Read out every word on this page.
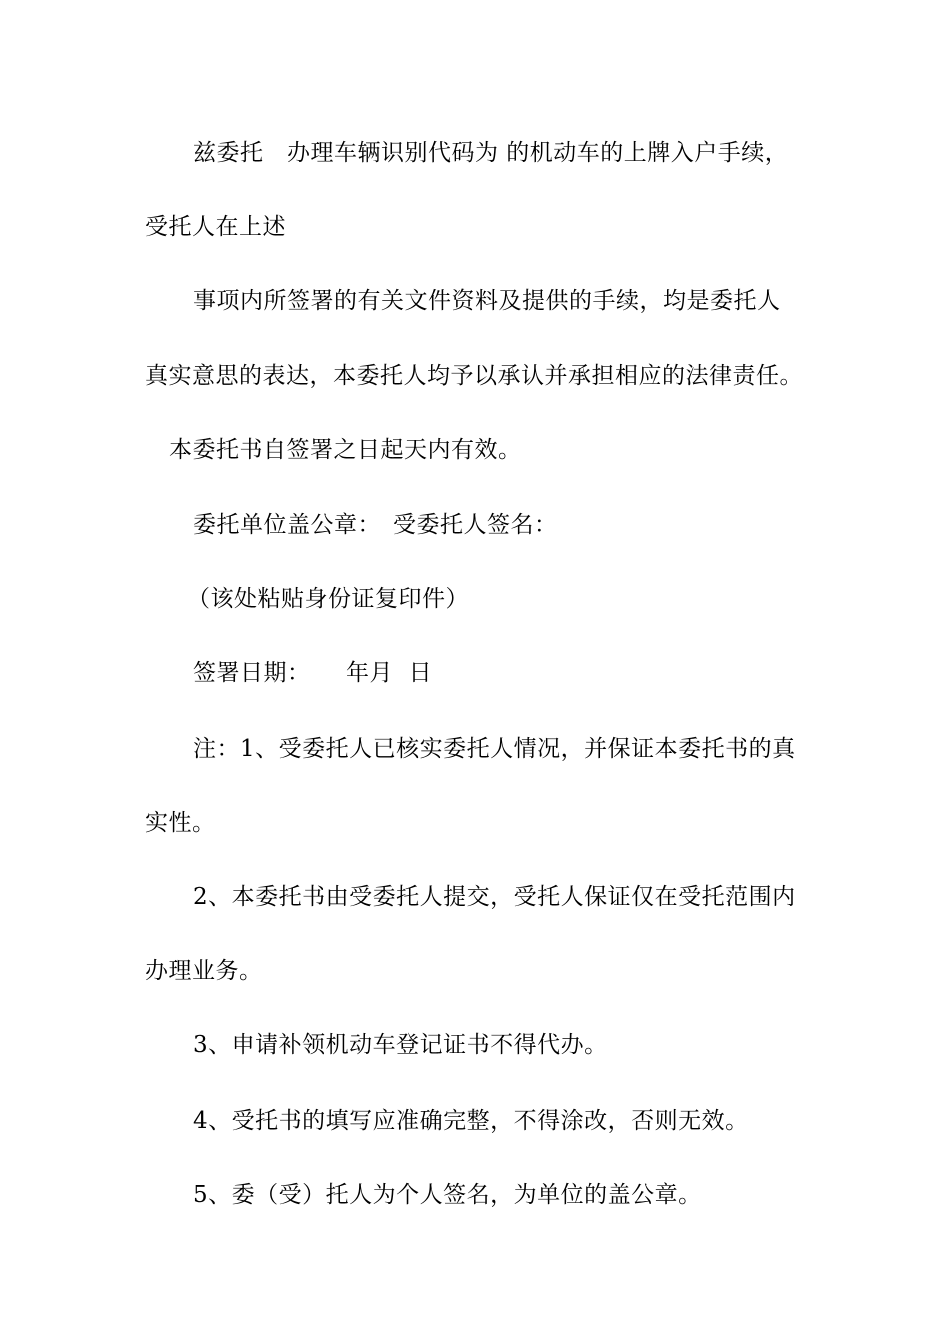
兹委托　办理车辆识别代码为 的机动车的上牌入户手续，
受托人在上述
事项内所签署的有关文件资料及提供的手续，均是委托人
真实意思的表达，本委托人均予以承认并承担相应的法律责任。
本委托书自签署之日起天内有效。
委托单位盖公章：　受委托人签名：
（该处粘贴身份证复印件）
签署日期：　　年月  日
注：1、受委托人已核实委托人情况，并保证本委托书的真
实性。
2、本委托书由受委托人提交，受托人保证仅在受托范围内
办理业务。
3、申请补领机动车登记证书不得代办。
4、受托书的填写应准确完整，不得涂改，否则无效。
5、委（受）托人为个人签名，为单位的盖公章。
